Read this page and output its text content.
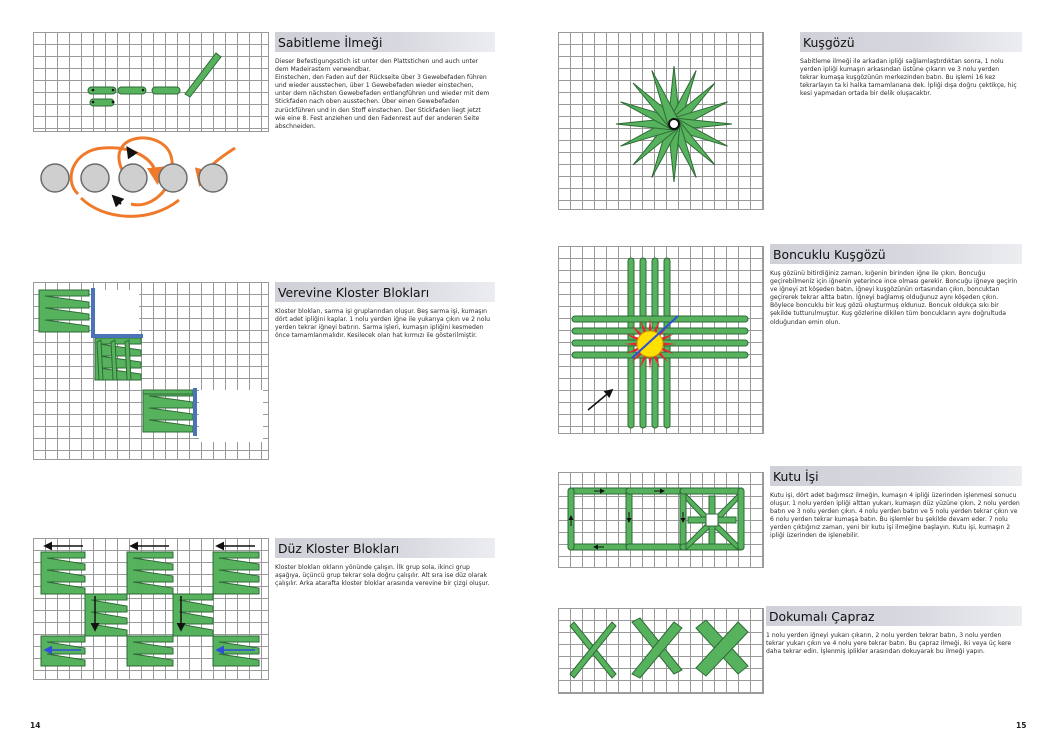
Sabitleme İlmeği

Dieser Befestigungsstich ist unter den Plattstichen und auch unter dem Madeirastern verwendbar.
Einstechen, den Faden auf der Rückseite über 3 Gewebefaden führen und wieder ausstechen, über 1 Gewebefaden wieder einstechen, unter dem nächsten Gewebefaden entlangführen und wieder mit dem Stickfaden nach oben ausstechen. Über einen Gewebefaden zurückführen und in den Stoff einstechen. Der Stickfaden liegt jetzt wie eine 8. Fest anziehen und den Fadenrest auf der anderen Seite abschneiden.

Verevine Kloster Blokları

Kloster blokları, sarma işi gruplarından oluşur. Beş sarma işi, kumaşın dört adet ipliğini kaplar. 1 nolu yerden iğne ile yukarıya çıkın ve 2 nolu yerden tekrar iğneyi batırın. Sarma işleri, kumaşın ipliğini kesmeden önce tamamlanmalıdır. Kesilecek olan hat kırmızı ile gösterilmiştir.

Düz Kloster Blokları

Kloster blokları okların yönünde çalışın. İlk grup sola, ikinci grup aşağıya, üçüncü grup tekrar sola doğru çalışılır. Alt sıra ise düz olarak çalışılır. Arka atarafta kloster bloklar arasında verevine bir çizgi oluşur.

Kuşgözü

Sabitleme ilmeği ile arkadan ipliği sağlamlaştırdıktan sonra, 1 nolu yerden ipliği kumaşın arkasından üstüne çıkarın ve 3 nolu yerden tekrar kumaşa kuşgözünün merkezinden batın. Bu işlemi 16 kez tekrarlayın ta ki halka tamamlanana dek. İpliği dışa doğru çektikçe, hiç kesi yapmadan ortada bir delik oluşacaktır.

Boncuklu Kuşgözü

Kuş gözünü bitirdiğiniz zaman, kığenin birinden iğne ile çıkın. Boncuğu geçirebilmeniz için iğnenin yeterince ince olması gerekir. Boncuğu iğneye geçirin ve iğneyi zıt köşeden batın, iğneyi kuşgözünün ortasından çıkın, boncuktan geçirerek tekrar altta batın. İğneyi bağlamış olduğunuz aynı köşeden çıkın. Böylece boncuklu bir kuş gözü oluşturmuş oldunuz. Boncuk oldukça sıkı bir şekilde tutturulmuştur. Kuş gözlerine dikilen tüm boncukların aynı doğrultuda olduğundan emin olun.

Kutu İşi

Kutu işi, dört adet bağımsız ilmeğin, kumaşın 4 ipliği üzerinden işlenmesi sonucu oluşur. 1 nolu yerden ipliği alttan yukarı, kumaşın düz yüzüne çıkın, 2 nolu yerden batın ve 3 nolu yerden çıkın. 4 nolu yerden batın ve 5 nolu yerden tekrar çıkın ve 6 nolu yerden tekrar kumaşa batın. Bu işlemler bu şekilde devam eder. 7 nolu yerden çıktığınız zaman, yeni bir kutu işi ilmeğine başlayın. Kutu işi, kumaşın 2 ipliği üzerinden de işlenebilir.

Dokumalı Çapraz

1 nolu yerden iğneyi yukarı çıkarın, 2 nolu yerden tekrar batın, 3 nolu yerden tekrar yukarı çıkın ve 4 nolu yere tekrar batın. Bu çapraz ilmeği, iki veya üç kere daha tekrar edin. İşlenmiş iplikler arasından dokuyarak bu ilmeği yapın.

14	15
